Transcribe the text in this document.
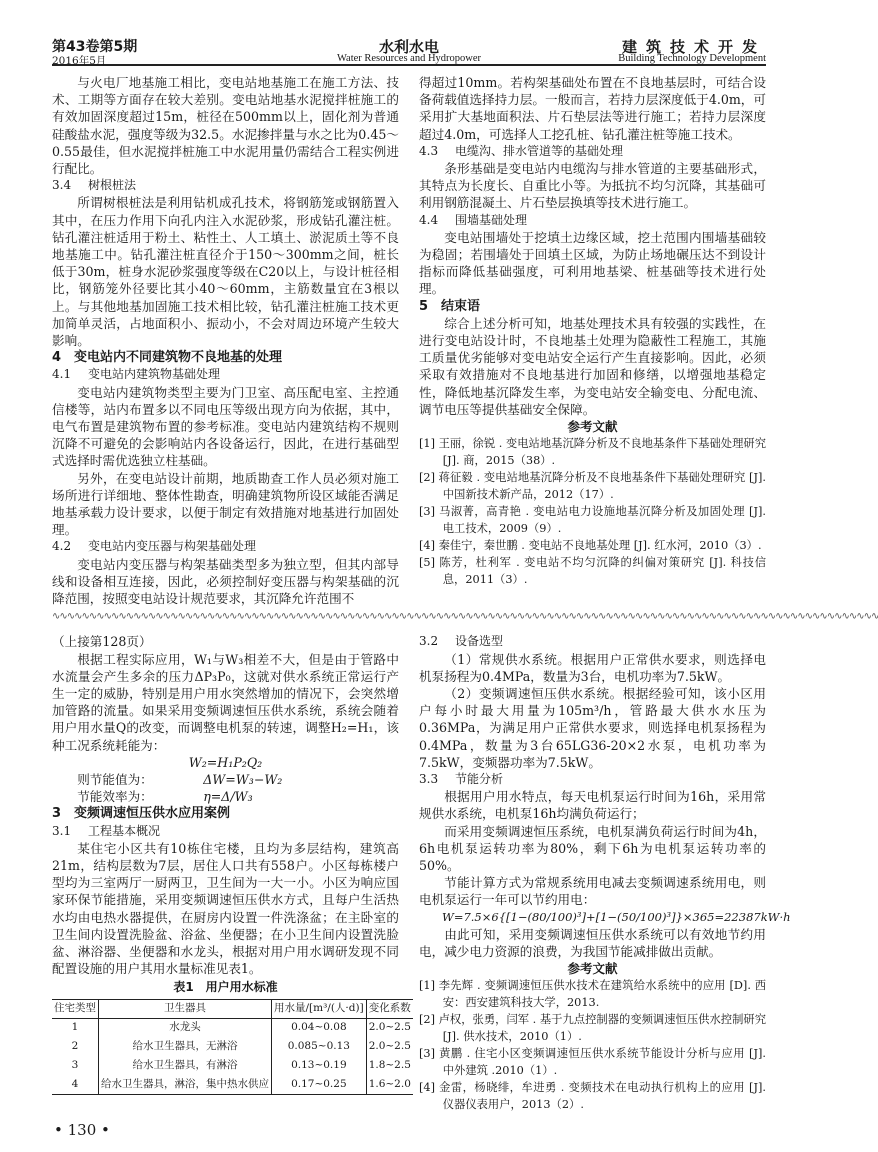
第43卷第5期
2016年5月
水利水电
Water Resources and Hydropower
建筑技术开发
Building Technology Development

与火电厂地基施工相比，变电站地基施工在施工方法、技术、工期等方面存在较大差别。变电站地基水泥搅拌桩施工的有效加固深度超过15m，桩径在500mm以上，固化剂为普通硅酸盐水泥，强度等级为32.5。水泥掺拌量与水之比为0.45～0.55最佳，但水泥搅拌桩施工中水泥用量仍需结合工程实例进行配比。

3.4 树根桩法

所谓树根桩法是利用钻机成孔技术，将钢筋笼或钢筋置入其中，在压力作用下向孔内注入水泥砂浆，形成钻孔灌注桩。钻孔灌注桩适用于粉土、粘性土、人工填土、淤泥质土等不良地基施工中。钻孔灌注桩直径介于150～300mm之间，桩长低于30m，桩身水泥砂浆强度等级在C20以上，与设计桩径相比，钢筋笼外径要比其小40～60mm，主筋数量宜在3根以上。与其他地基加固施工技术相比较，钻孔灌注桩施工技术更加简单灵活，占地面积小、振动小，不会对周边环境产生较大影响。

4　变电站内不同建筑物不良地基的处理
4.1 变电站内建筑物基础处理

变电站内建筑物类型主要为门卫室、高压配电室、主控通信楼等，站内布置多以不同电压等级出现方向为依据，其中，电气布置是建筑物布置的参考标准。变电站内建筑结构不规则沉降不可避免的会影响站内各设备运行，因此，在进行基础型式选择时需优选独立柱基础。

另外，在变电站设计前期，地质勘查工作人员必须对施工场所进行详细地、整体性勘查，明确建筑物所设区域能否满足地基承载力设计要求，以便于制定有效措施对地基进行加固处理。

4.2 变电站内变压器与构架基础处理

变电站内变压器与构架基础类型多为独立型，但其内部导线和设备相互连接，因此，必须控制好变压器与构架基础的沉降范围，按照变电站设计规范要求，其沉降允许范围不

得超过10mm。若构架基础处布置在不良地基层时，可结合设备荷载值选择持力层。一般而言，若持力层深度低于4.0m，可采用扩大基地面积法、片石垫层法等进行施工；若持力层深度超过4.0m，可选择人工挖孔桩、钻孔灌注桩等施工技术。

4.3 电缆沟、排水管道等的基础处理

条形基础是变电站内电缆沟与排水管道的主要基础形式，其特点为长度长、自重比小等。为抵抗不均匀沉降，其基础可利用钢筋混凝土、片石垫层换填等技术进行施工。

4.4 围墙基础处理

变电站围墙处于挖填土边缘区域，挖土范围内围墙基础较为稳固；若围墙处于回填土区域，为防止场地碾压达不到设计指标而降低基础强度，可利用地基梁、桩基础等技术进行处理。

5　结束语

综合上述分析可知，地基处理技术具有较强的实践性，在进行变电站设计时，不良地基土处理为隐蔽性工程施工，其施工质量优劣能够对变电站安全运行产生直接影响。因此，必须采取有效措施对不良地基进行加固和修缮，以增强地基稳定性，降低地基沉降发生率，为变电站安全输变电、分配电流、调节电压等提供基础安全保障。

参考文献

[1] 王丽，徐锐 . 变电站地基沉降分析及不良地基条件下基础处理研究 [J]. 商，2015（38）.

[2] 蒋征毅 . 变电站地基沉降分析及不良地基条件下基础处理研究 [J]. 中国新技术新产品，2012（17）.

[3] 马淑菁，高青艳 . 变电站电力设施地基沉降分析及加固处理 [J]. 电工技术，2009（9）.

[4] 秦佳宁，秦世鹏 . 变电站不良地基处理 [J]. 红水河，2010（3）.

[5] 陈芳，杜利军 . 变电站不均匀沉降的纠偏对策研究 [J]. 科技信息，2011（3）.

∿∿∿∿∿∿∿∿∿∿∿∿∿∿∿∿∿∿∿∿∿∿∿∿∿∿∿∿∿∿∿∿∿∿∿∿∿∿∿∿∿∿∿∿∿∿∿∿∿∿∿∿∿∿∿∿∿∿∿∿∿∿∿∿∿∿∿∿∿∿∿∿∿∿∿∿∿∿∿∿∿∿∿∿∿∿∿∿∿∿∿∿∿∿∿∿∿∿∿∿∿∿∿∿∿∿∿∿∿∿∿∿
（上接第128页）

根据工程实际应用，W₁与W₃相差不大，但是由于管路中水流量会产生多余的压力ΔP₃P₀，这就对供水系统正常运行产生一定的威胁，特别是用户用水突然增加的情况下，会突然增加管路的流量。如果采用变频调速恒压供水系统，系统会随着用户用水量Q的改变，而调整电机泵的转速，调整H₂=H₁，该种工况系统耗能为：

W₂=H₁P₂Q₂
则节能值为：	ΔW=W₃−W₂
节能效率为：	η=Δ/W₃
3　变频调速恒压供水应用案例
3.1 工程基本概况

某住宅小区共有10栋住宅楼，且均为多层结构，建筑高21m，结构层数为7层，居住人口共有558户。小区每栋楼户型均为三室两厅一厨两卫，卫生间为一大一小。小区为响应国家环保节能措施，采用变频调速恒压供水方式，且每户生活热水均由电热水器提供，在厨房内设置一件洗涤盆；在主卧室的卫生间内设置洗脸盆、浴盆、坐便器；在小卫生间内设置洗脸盆、淋浴器、坐便器和水龙头，根据对用户用水调研发现不同配置设施的用户其用水量标准见表1。

表1　用户用水标准
住宅类型	卫生器具	用水量/[m³/(人·d)]	变化系数
1	水龙头	0.04~0.08	2.0~2.5
2	给水卫生器具，无淋浴	0.085~0.13	2.0~2.5
3	给水卫生器具，有淋浴	0.13~0.19	1.8~2.5
4	给水卫生器具，淋浴，集中热水供应	0.17~0.25	1.6~2.0
3.2 设备选型

（1）常规供水系统。根据用户正常供水要求，则选择电机泵扬程为0.4MPa，数量为3台，电机功率为7.5kW。

（2）变频调速恒压供水系统。根据经验可知，该小区用户每小时最大用量为105m³/h，管路最大供水水压为0.36MPa，为满足用户正常供水要求，则选择电机泵扬程为0.4MPa，数量为3台65LG36-20×2水泵，电机功率为7.5kW，变频器功率为7.5kW。

3.3 节能分析

根据用户用水特点，每天电机泵运行时间为16h，采用常规供水系统，电机泵16h均满负荷运行；

而采用变频调速恒压系统，电机泵满负荷运行时间为4h，6h电机泵运转功率为80%，剩下6h为电机泵运转功率的50%。

节能计算方式为常规系统用电减去变频调速系统用电，则电机泵运行一年可以节约用电：

W=7.5×6{[1−(80/100)³]+[1−(50/100)³]}×365=22387kW·h

由此可知，采用变频调速恒压供水系统可以有效地节约用电，减少电力资源的浪费，为我国节能减排做出贡献。

参考文献

[1] 李先辉 . 变频调速恒压供水技术在建筑给水系统中的应用 [D]. 西安：西安建筑科技大学，2013.

[2] 卢权，张勇，闫军 . 基于九点控制器的变频调速恒压供水控制研究 [J]. 供水技术，2010（1）.

[3] 黄鹏 . 住宅小区变频调速恒压供水系统节能设计分析与应用 [J]. 中外建筑 .2010（1）.

[4] 金雷，杨晓绯，牟进勇 . 变频技术在电动执行机构上的应用 [J]. 仪器仪表用户，2013（2）.

• 130 •
